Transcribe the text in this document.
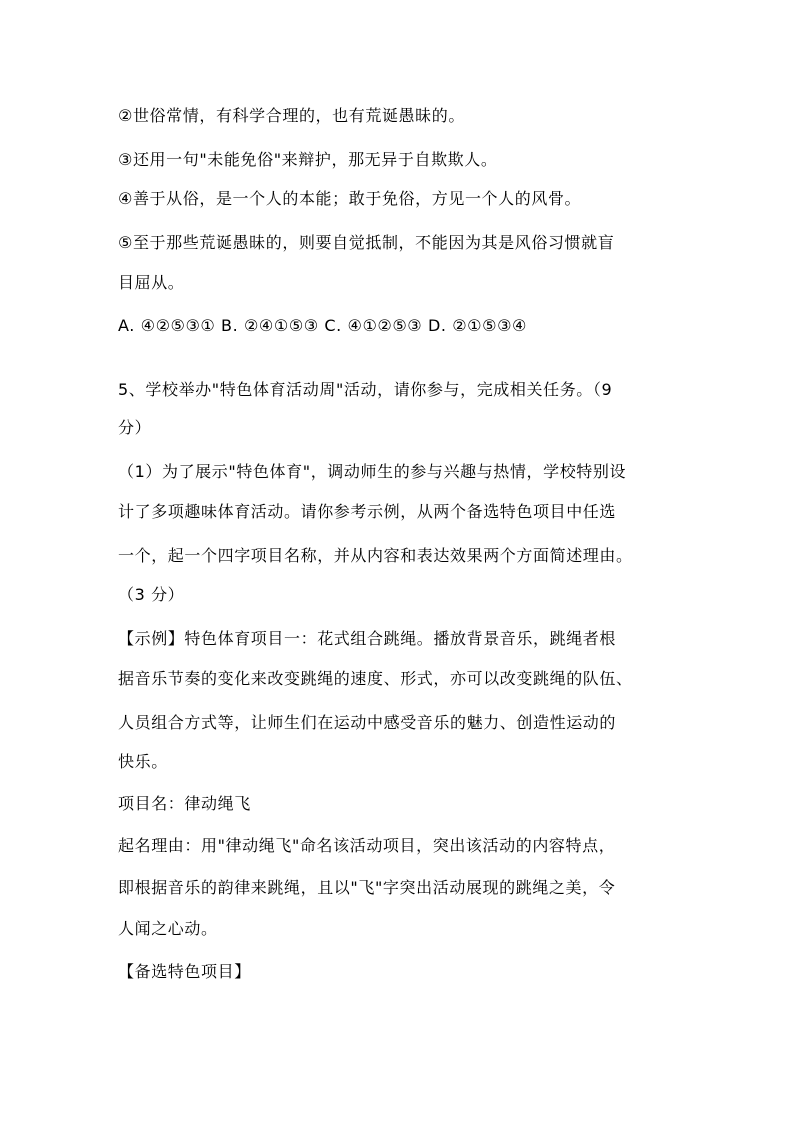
②世俗常情，有科学合理的，也有荒诞愚昧的。
③还用一句"未能免俗"来辩护，那无异于自欺欺人。
④善于从俗，是一个人的本能；敢于免俗，方见一个人的风骨。
⑤至于那些荒诞愚昧的，则要自觉抵制，不能因为其是风俗习惯就盲
目屈从。
A. ④②⑤③① B. ②④①⑤③ C. ④①②⑤③ D. ②①⑤③④
5、学校举办"特色体育活动周"活动，请你参与，完成相关任务。（9
分）
（1）为了展示"特色体育"，调动师生的参与兴趣与热情，学校特别设
计了多项趣味体育活动。请你参考示例，从两个备选特色项目中任选
一个，起一个四字项目名称，并从内容和表达效果两个方面简述理由。
（3 分）
【示例】特色体育项目一：花式组合跳绳。播放背景音乐，跳绳者根
据音乐节奏的变化来改变跳绳的速度、形式，亦可以改变跳绳的队伍、
人员组合方式等，让师生们在运动中感受音乐的魅力、创造性运动的
快乐。
项目名：律动绳飞
起名理由：用"律动绳飞"命名该活动项目，突出该活动的内容特点，
即根据音乐的韵律来跳绳，且以"飞"字突出活动展现的跳绳之美，令
人闻之心动。
【备选特色项目】
